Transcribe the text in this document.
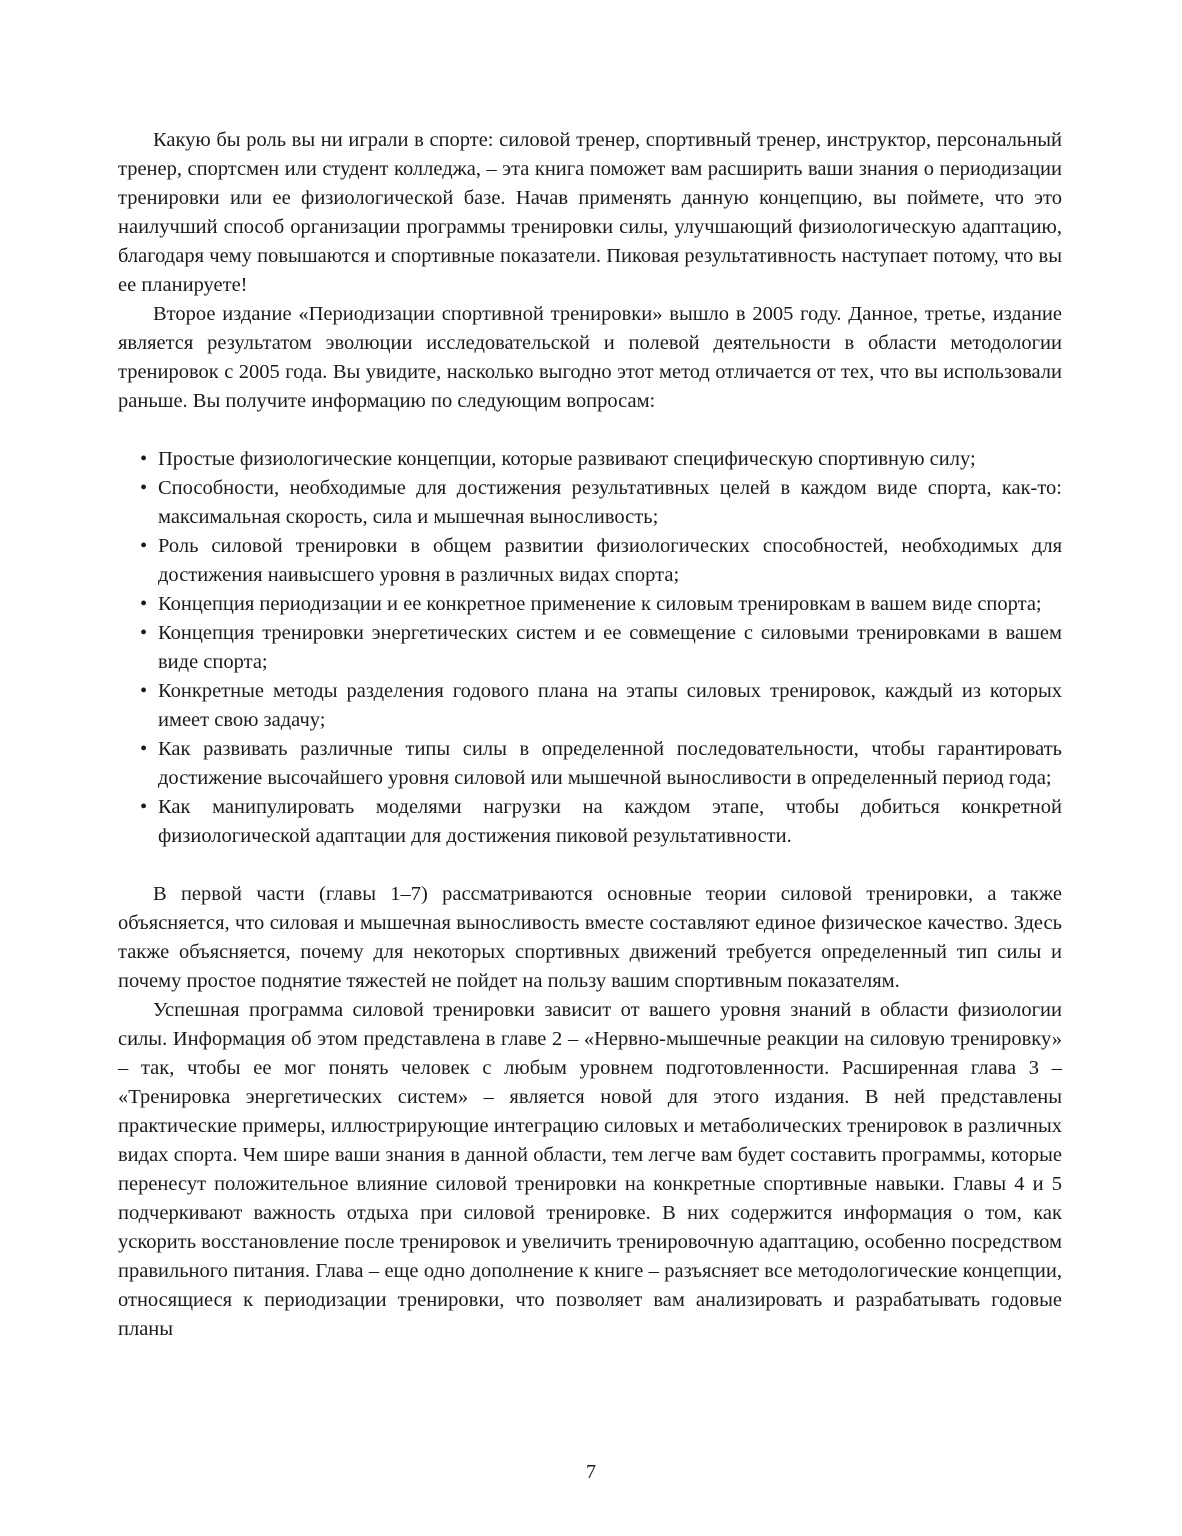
Какую бы роль вы ни играли в спорте: силовой тренер, спортивный тренер, инструктор, персональный тренер, спортсмен или студент колледжа, – эта книга поможет вам расширить ваши знания о периодизации тренировки или ее физиологической базе. Начав применять данную концепцию, вы поймете, что это наилучший способ организации программы тренировки силы, улучшающий физиологическую адаптацию, благодаря чему повышаются и спортивные показатели. Пиковая результативность наступает потому, что вы ее планируете!

Второе издание «Периодизации спортивной тренировки» вышло в 2005 году. Данное, третье, издание является результатом эволюции исследовательской и полевой деятельности в области методологии тренировок с 2005 года. Вы увидите, насколько выгодно этот метод отличается от тех, что вы использовали раньше. Вы получите информацию по следующим вопросам:

• Простые физиологические концепции, которые развивают специфическую спортивную силу;
• Способности, необходимые для достижения результативных целей в каждом виде спорта, как-то: максимальная скорость, сила и мышечная выносливость;
• Роль силовой тренировки в общем развитии физиологических способностей, необходимых для достижения наивысшего уровня в различных видах спорта;
• Концепция периодизации и ее конкретное применение к силовым тренировкам в вашем виде спорта;
• Концепция тренировки энергетических систем и ее совмещение с силовыми тренировками в вашем виде спорта;
• Конкретные методы разделения годового плана на этапы силовых тренировок, каждый из которых имеет свою задачу;
• Как развивать различные типы силы в определенной последовательности, чтобы гарантировать достижение высочайшего уровня силовой или мышечной выносливости в определенный период года;
• Как манипулировать моделями нагрузки на каждом этапе, чтобы добиться конкретной физиологической адаптации для достижения пиковой результативности.

В первой части (главы 1–7) рассматриваются основные теории силовой тренировки, а также объясняется, что силовая и мышечная выносливость вместе составляют единое физическое качество. Здесь также объясняется, почему для некоторых спортивных движений требуется определенный тип силы и почему простое поднятие тяжестей не пойдет на пользу вашим спортивным показателям.

Успешная программа силовой тренировки зависит от вашего уровня знаний в области физиологии силы. Информация об этом представлена в главе 2 – «Нервно-мышечные реакции на силовую тренировку» – так, чтобы ее мог понять человек с любым уровнем подготовленности. Расширенная глава 3 – «Тренировка энергетических систем» – является новой для этого издания. В ней представлены практические примеры, иллюстрирующие интеграцию силовых и метаболических тренировок в различных видах спорта. Чем шире ваши знания в данной области, тем легче вам будет составить программы, которые перенесут положительное влияние силовой тренировки на конкретные спортивные навыки. Главы 4 и 5 подчеркивают важность отдыха при силовой тренировке. В них содержится информация о том, как ускорить восстановление после тренировок и увеличить тренировочную адаптацию, особенно посредством правильного питания. Глава – еще одно дополнение к книге – разъясняет все методологические концепции, относящиеся к периодизации тренировки, что позволяет вам анализировать и разрабатывать годовые планы

7
